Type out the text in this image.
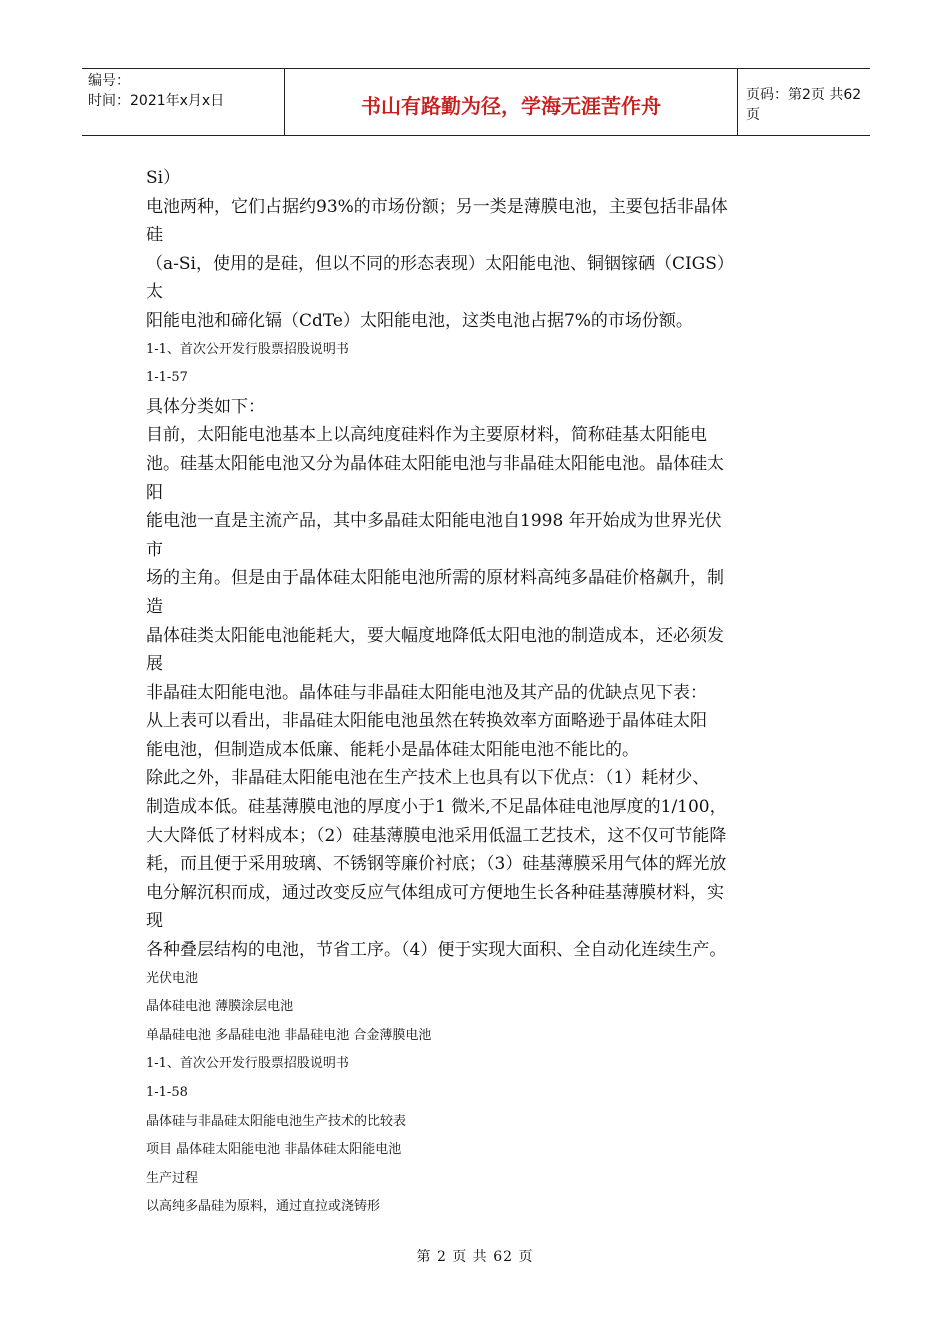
编号：
时间：2021年x月x日	书山有路勤为径，学海无涯苦作舟	页码：第2页 共62页
Si）
电池两种，它们占据约93%的市场份额；另一类是薄膜电池，主要包括非晶体
硅
（a-Si，使用的是硅，但以不同的形态表现）太阳能电池、铜铟镓硒（CIGS）
太
阳能电池和碲化镉（CdTe）太阳能电池，这类电池占据7%的市场份额。
1-1、首次公开发行股票招股说明书
1-1-57
具体分类如下：
目前，太阳能电池基本上以高纯度硅料作为主要原材料，简称硅基太阳能电
池。硅基太阳能电池又分为晶体硅太阳能电池与非晶硅太阳能电池。晶体硅太
阳
能电池一直是主流产品，其中多晶硅太阳能电池自1998 年开始成为世界光伏
市
场的主角。但是由于晶体硅太阳能电池所需的原材料高纯多晶硅价格飙升，制
造
晶体硅类太阳能电池能耗大，要大幅度地降低太阳电池的制造成本，还必须发
展
非晶硅太阳能电池。晶体硅与非晶硅太阳能电池及其产品的优缺点见下表：
从上表可以看出，非晶硅太阳能电池虽然在转换效率方面略逊于晶体硅太阳
能电池，但制造成本低廉、能耗小是晶体硅太阳能电池不能比的。
除此之外，非晶硅太阳能电池在生产技术上也具有以下优点：（1）耗材少、
制造成本低。硅基薄膜电池的厚度小于1 微米,不足晶体硅电池厚度的1/100，
大大降低了材料成本；（2）硅基薄膜电池采用低温工艺技术，这不仅可节能降
耗，而且便于采用玻璃、不锈钢等廉价衬底；（3）硅基薄膜采用气体的辉光放
电分解沉积而成，通过改变反应气体组成可方便地生长各种硅基薄膜材料，实
现
各种叠层结构的电池，节省工序。（4）便于实现大面积、全自动化连续生产。
光伏电池
晶体硅电池 薄膜涂层电池
单晶硅电池 多晶硅电池 非晶硅电池 合金薄膜电池
1-1、首次公开发行股票招股说明书
1-1-58
晶体硅与非晶硅太阳能电池生产技术的比较表
项目 晶体硅太阳能电池 非晶体硅太阳能电池
生产过程
以高纯多晶硅为原料，通过直拉或浇铸形
第 2 页 共 62 页
